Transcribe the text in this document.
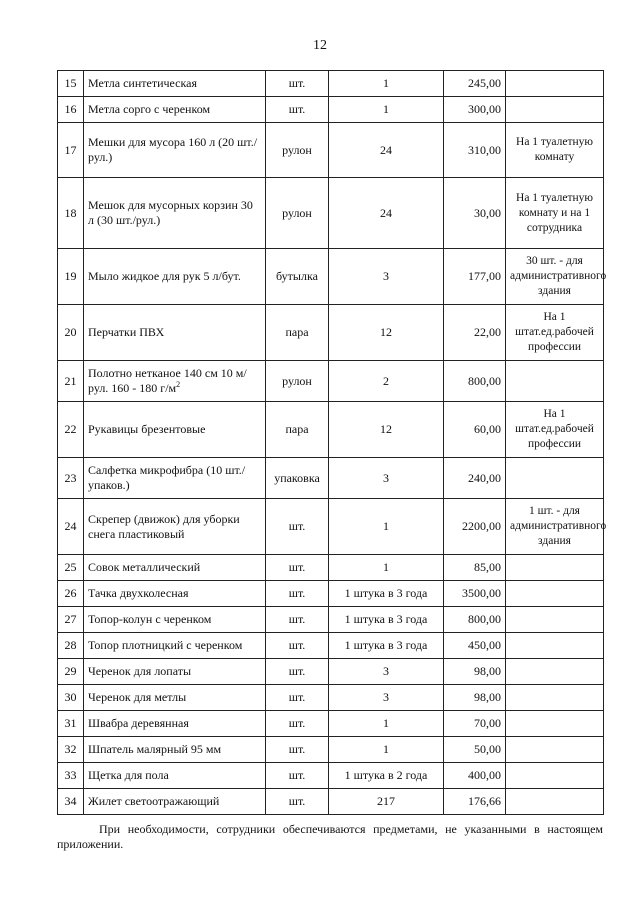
12
15	Метла синтетическая	шт.	1	245,00	
16	Метла сорго с черенком	шт.	1	300,00	
17	Мешки для мусора 160 л (20 шт./рул.)	рулон	24	310,00	На 1 туалетную комнату
18	Мешок для мусорных корзин 30 л (30 шт./рул.)	рулон	24	30,00	На 1 туалетную комнату и на 1 сотрудника
19	Мыло жидкое для рук 5 л/бут.	бутылка	3	177,00	30 шт. - для административного здания
20	Перчатки ПВХ	пара	12	22,00	На 1 штат.ед.рабочей профессии
21	Полотно нетканое 140 см 10 м/рул. 160 - 180 $г/м^2$	рулон	2	800,00	
22	Рукавицы брезентовые	пара	12	60,00	На 1 штат.ед.рабочей профессии
23	Салфетка микрофибра (10 шт./упаков.)	упаковка	3	240,00	
24	Скрепер (движок) для уборки снега пластиковый	шт.	1	2200,00	1 шт. - для административного здания
25	Совок металлический	шт.	1	85,00	
26	Тачка двухколесная	шт.	1 штука в 3 года	3500,00	
27	Топор-колун с черенком	шт.	1 штука в 3 года	800,00	
28	Топор плотницкий с черенком	шт.	1 штука в 3 года	450,00	
29	Черенок для лопаты	шт.	3	98,00	
30	Черенок для метлы	шт.	3	98,00	
31	Швабра деревянная	шт.	1	70,00	
32	Шпатель малярный 95 мм	шт.	1	50,00	
33	Щетка для пола	шт.	1 штука в 2 года	400,00	
34	Жилет светоотражающий	шт.	217	176,66	
При необходимости, сотрудники обеспечиваются предметами, не указанными в настоящем приложении.
